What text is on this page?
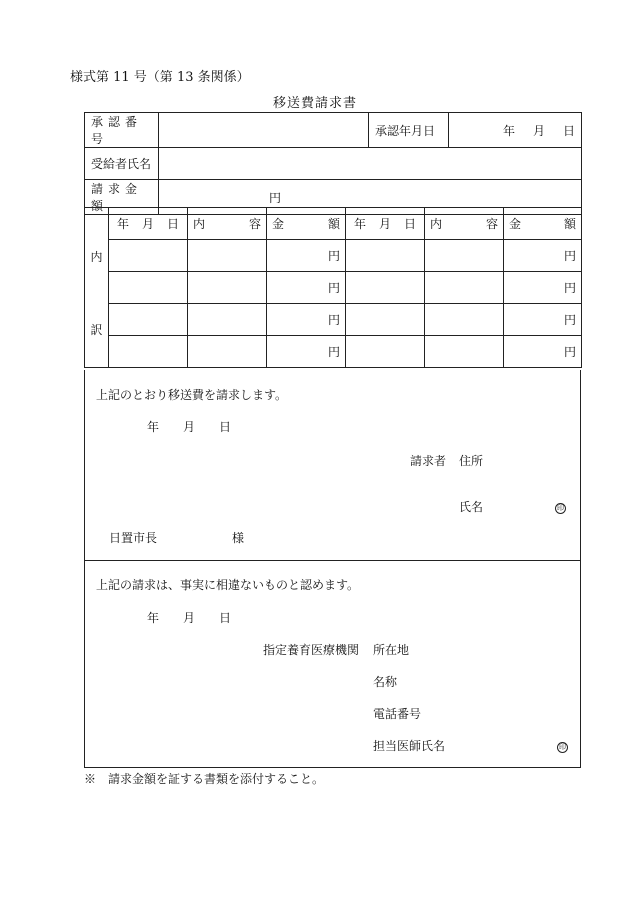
様式第 11 号（第 13 条関係）
移送費請求書
承認番号		承認年月日	年   月   日
受給者氏名			
請求金額	円		
内
訳	年 月 日	内 容	金 額	年 月 日	内 容	金 額

			円			円
			円			円
			円			円
			円			円
上記のとおり移送費を請求します。
年   月   日
請求者 住所
氏名	印
日置市長	様
上記の請求は、事実に相違ないものと認めます。
年   月   日
指定養育医療機関 所在地
名称
電話番号
担当医師氏名	印
※　請求金額を証する書類を添付すること。
